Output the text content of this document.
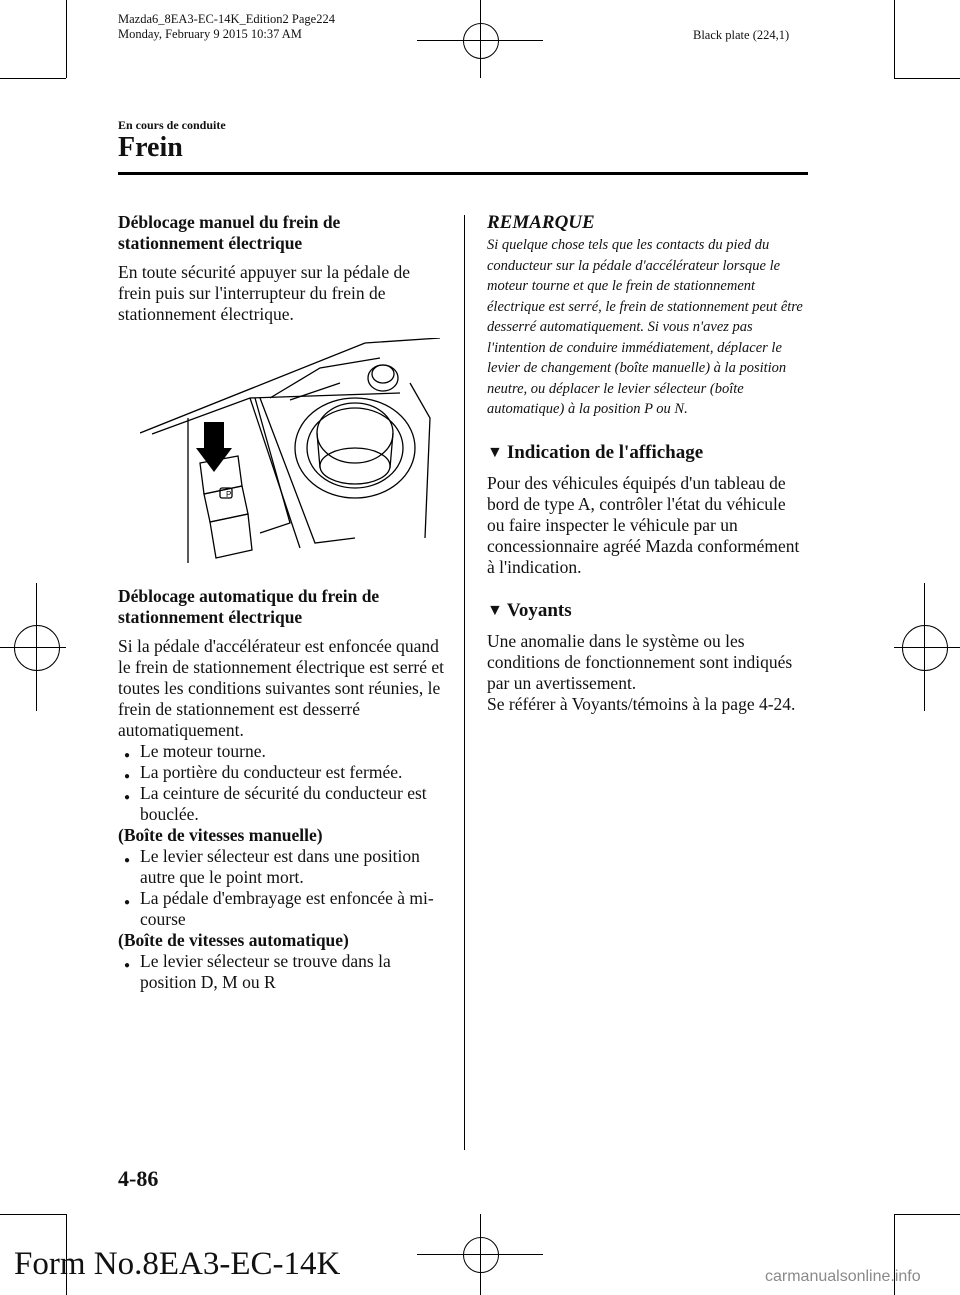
Mazda6_8EA3-EC-14K_Edition2 Page224
Monday, February 9 2015 10:37 AM	Black plate (224,1)
En cours de conduite
Frein

Déblocage manuel du frein de stationnement électrique

En toute sécurité appuyer sur la pédale de frein puis sur l'interrupteur du frein de stationnement électrique.

P

Déblocage automatique du frein de stationnement électrique

Si la pédale d'accélérateur est enfoncée quand le frein de stationnement électrique est serré et toutes les conditions suivantes sont réunies, le frein de stationnement est desserré automatiquement.

● Le moteur tourne.
● La portière du conducteur est fermée.
● La ceinture de sécurité du conducteur est bouclée.

(Boîte de vitesses manuelle)

● Le levier sélecteur est dans une position autre que le point mort.
● La pédale d'embrayage est enfoncée à mi-course

(Boîte de vitesses automatique)

● Le levier sélecteur se trouve dans la position D, M ou R

REMARQUE

Si quelque chose tels que les contacts du pied du conducteur sur la pédale d'accélérateur lorsque le moteur tourne et que le frein de stationnement électrique est serré, le frein de stationnement peut être desserré automatiquement. Si vous n'avez pas l'intention de conduire immédiatement, déplacer le levier de changement (boîte manuelle) à la position neutre, ou déplacer le levier sélecteur (boîte automatique) à la position P ou N.

▼ Indication de l'affichage

Pour des véhicules équipés d'un tableau de bord de type A, contrôler l'état du véhicule ou faire inspecter le véhicule par un concessionnaire agréé Mazda conformément à l'indication.

▼ Voyants

Une anomalie dans le système ou les conditions de fonctionnement sont indiqués par un avertissement.

Se référer à Voyants/témoins à la page 4-24.

4-86
Form No.8EA3-EC-14K	carmanualsonline.info
